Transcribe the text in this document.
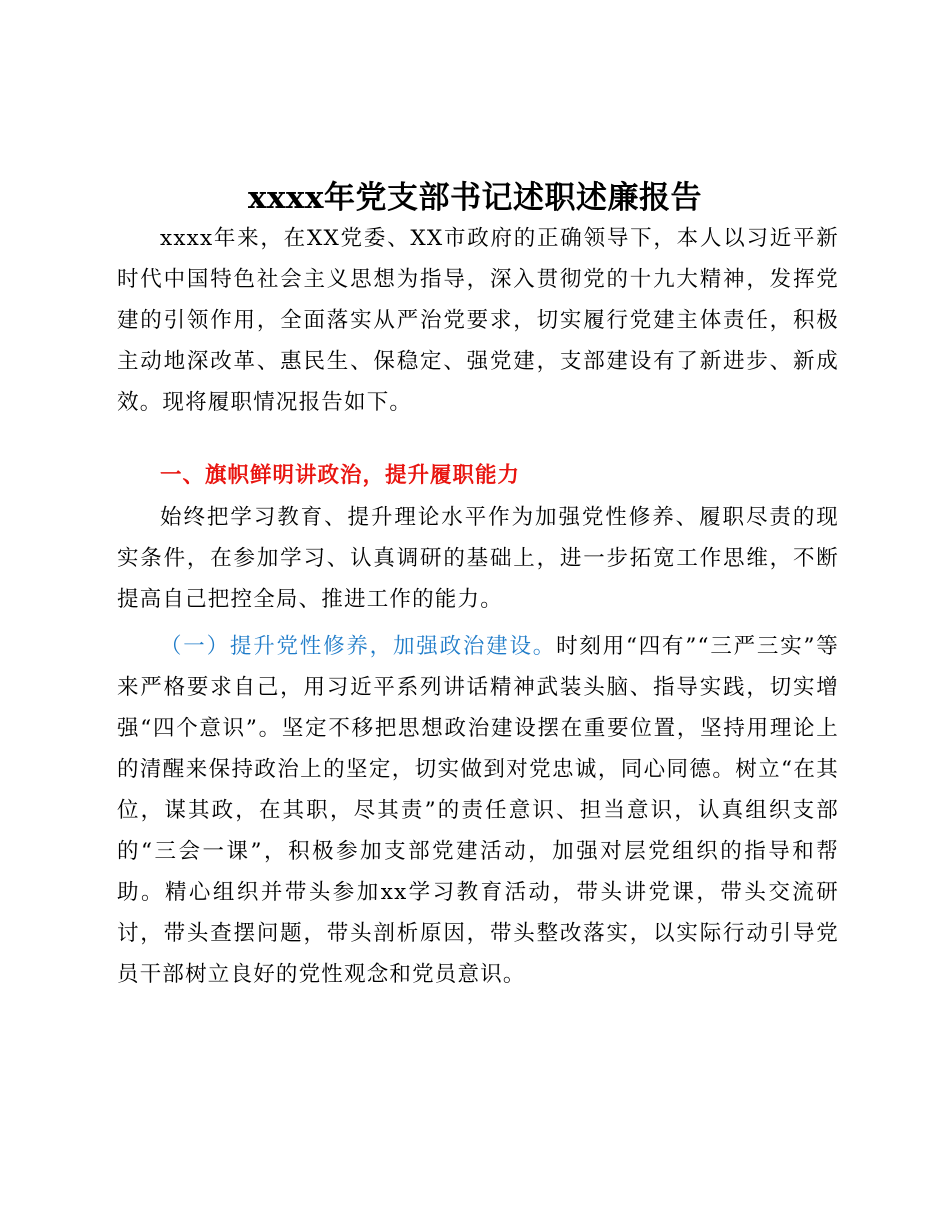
xxxx年党支部书记述职述廉报告

xxxx年来，在XX党委、XX市政府的正确领导下，本人以习近平新时代中国特色社会主义思想为指导，深入贯彻党的十九大精神，发挥党建的引领作用，全面落实从严治党要求，切实履行党建主体责任，积极主动地深改革、惠民生、保稳定、强党建，支部建设有了新进步、新成效。现将履职情况报告如下。

一、旗帜鲜明讲政治，提升履职能力

始终把学习教育、提升理论水平作为加强党性修养、履职尽责的现实条件，在参加学习、认真调研的基础上，进一步拓宽工作思维，不断提高自己把控全局、推进工作的能力。

（一）提升党性修养，加强政治建设。时刻用“四有”“三严三实”等来严格要求自己，用习近平系列讲话精神武装头脑、指导实践，切实增强“四个意识”。坚定不移把思想政治建设摆在重要位置，坚持用理论上的清醒来保持政治上的坚定，切实做到对党忠诚，同心同德。树立“在其位，谋其政，在其职，尽其责”的责任意识、担当意识，认真组织支部的“三会一课”，积极参加支部党建活动，加强对层党组织的指导和帮助。精心组织并带头参加xx学习教育活动，带头讲党课，带头交流研讨，带头查摆问题，带头剖析原因，带头整改落实，以实际行动引导党员干部树立良好的党性观念和党员意识。
